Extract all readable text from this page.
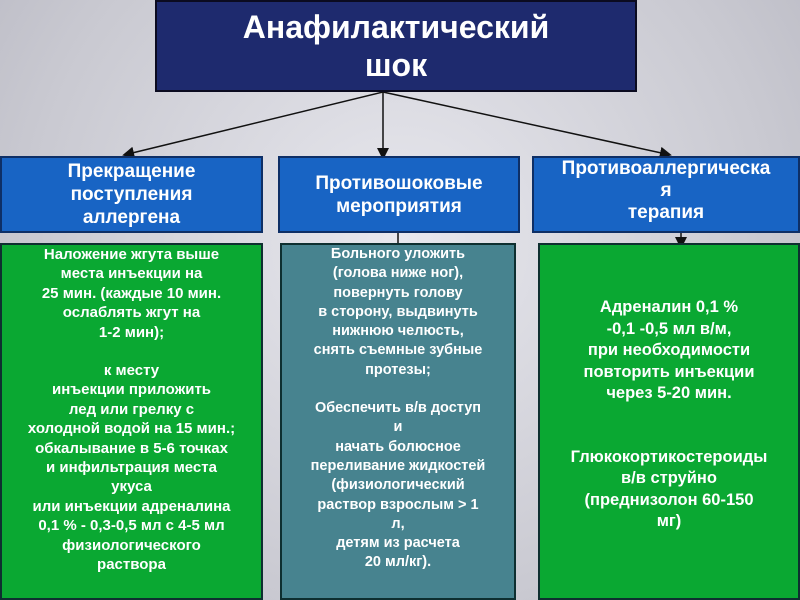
Анафилактический
шок
Прекращение
поступления
аллергена
Противошоковые
мероприятия
Противоаллергическа
я
терапия

Наложение жгута выше

места инъекции на

25 мин. (каждые 10 мин.

ослаблять жгут на

1-2 мин);

к месту

инъекции приложить

лед или грелку с

холодной водой на 15 мин.;

обкалывание в 5-6 точках

и инфильтрация места

укуса

или инъекции адреналина

0,1 % - 0,3-0,5 мл с 4-5 мл

физиологического

раствора

Больного уложить

(голова ниже ног),

повернуть голову

в сторону, выдвинуть

нижнюю челюсть,

снять съемные зубные

протезы;

Обеспечить в/в доступ

и

начать болюсное

переливание жидкостей

(физиологический

раствор взрослым > 1

л,

детям из расчета

20 мл/кг).

Адреналин 0,1 %

-0,1 -0,5 мл в/м,

при необходимости

повторить инъекции

через 5-20 мин.

Глюкокортикостероиды

в/в струйно

(преднизолон 60-150

мг)
